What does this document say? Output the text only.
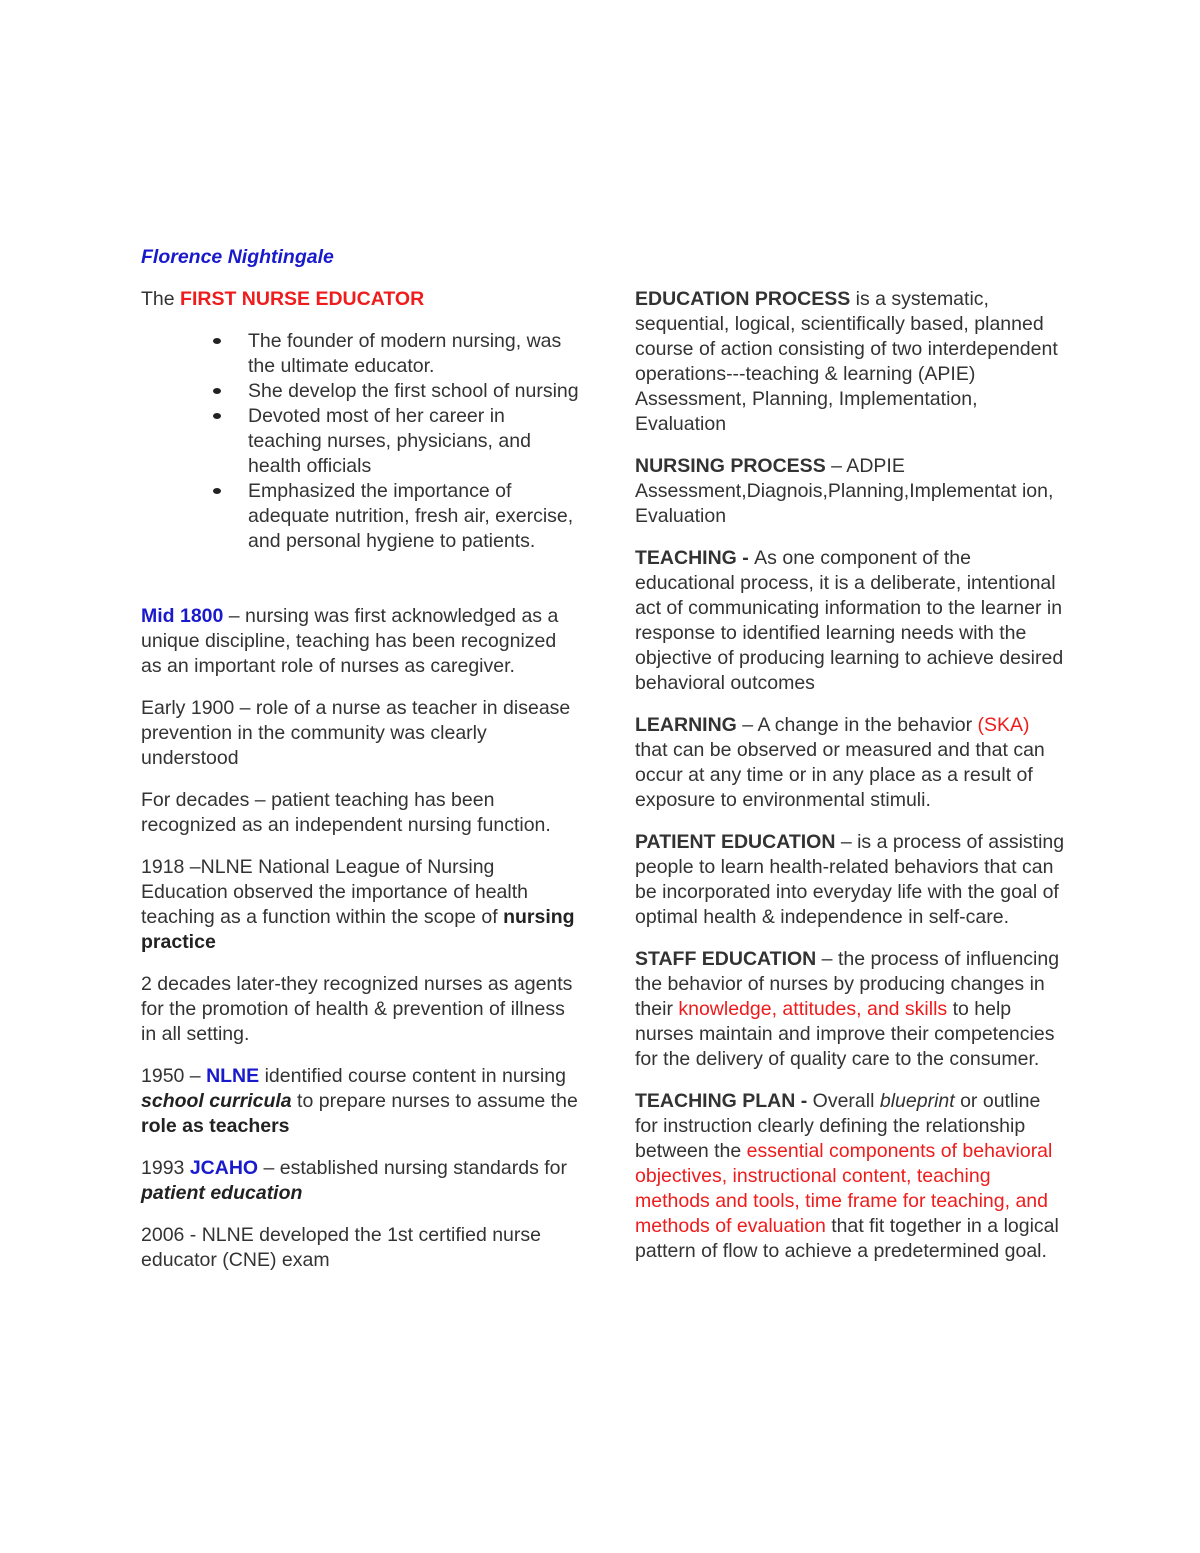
Florence Nightingale

The FIRST NURSE EDUCATOR

The founder of modern nursing, was the ultimate educator.
She develop the first school of nursing
Devoted most of her career in teaching nurses, physicians, and health officials
Emphasized the importance of adequate nutrition, fresh air, exercise, and personal hygiene to patients.

Mid 1800 – nursing was first acknowledged as a unique discipline, teaching has been recognized as an important role of nurses as caregiver.

Early 1900 – role of a nurse as teacher in disease prevention in the community was clearly understood

For decades – patient teaching has been recognized as an independent nursing function.

1918 –NLNE National League of Nursing Education observed the importance of health teaching as a function within the scope of nursing practice

2 decades later-they recognized nurses as agents for the promotion of health & prevention of illness in all setting.

1950 – NLNE identified course content in nursing school curricula to prepare nurses to assume the role as teachers

1993 JCAHO – established nursing standards for patient education

2006 - NLNE developed the 1st certified nurse educator (CNE) exam

EDUCATION PROCESS is a systematic, sequential, logical, scientifically based, planned course of action consisting of two interdependent operations---teaching & learning (APIE) Assessment, Planning, Implementation, Evaluation

NURSING PROCESS – ADPIE Assessment,Diagnois,Planning,Implementat ion, Evaluation

TEACHING - As one component of the educational process, it is a deliberate, intentional act of communicating information to the learner in response to identified learning needs with the objective of producing learning to achieve desired behavioral outcomes

LEARNING – A change in the behavior (SKA) that can be observed or measured and that can occur at any time or in any place as a result of exposure to environmental stimuli.

PATIENT EDUCATION – is a process of assisting people to learn health-related behaviors that can be incorporated into everyday life with the goal of optimal health & independence in self-care.

STAFF EDUCATION – the process of influencing the behavior of nurses by producing changes in their knowledge, attitudes, and skills to help nurses maintain and improve their competencies for the delivery of quality care to the consumer.

TEACHING PLAN - Overall blueprint or outline for instruction clearly defining the relationship between the essential components of behavioral objectives, instructional content, teaching methods and tools, time frame for teaching, and methods of evaluation that fit together in a logical pattern of flow to achieve a predetermined goal.
